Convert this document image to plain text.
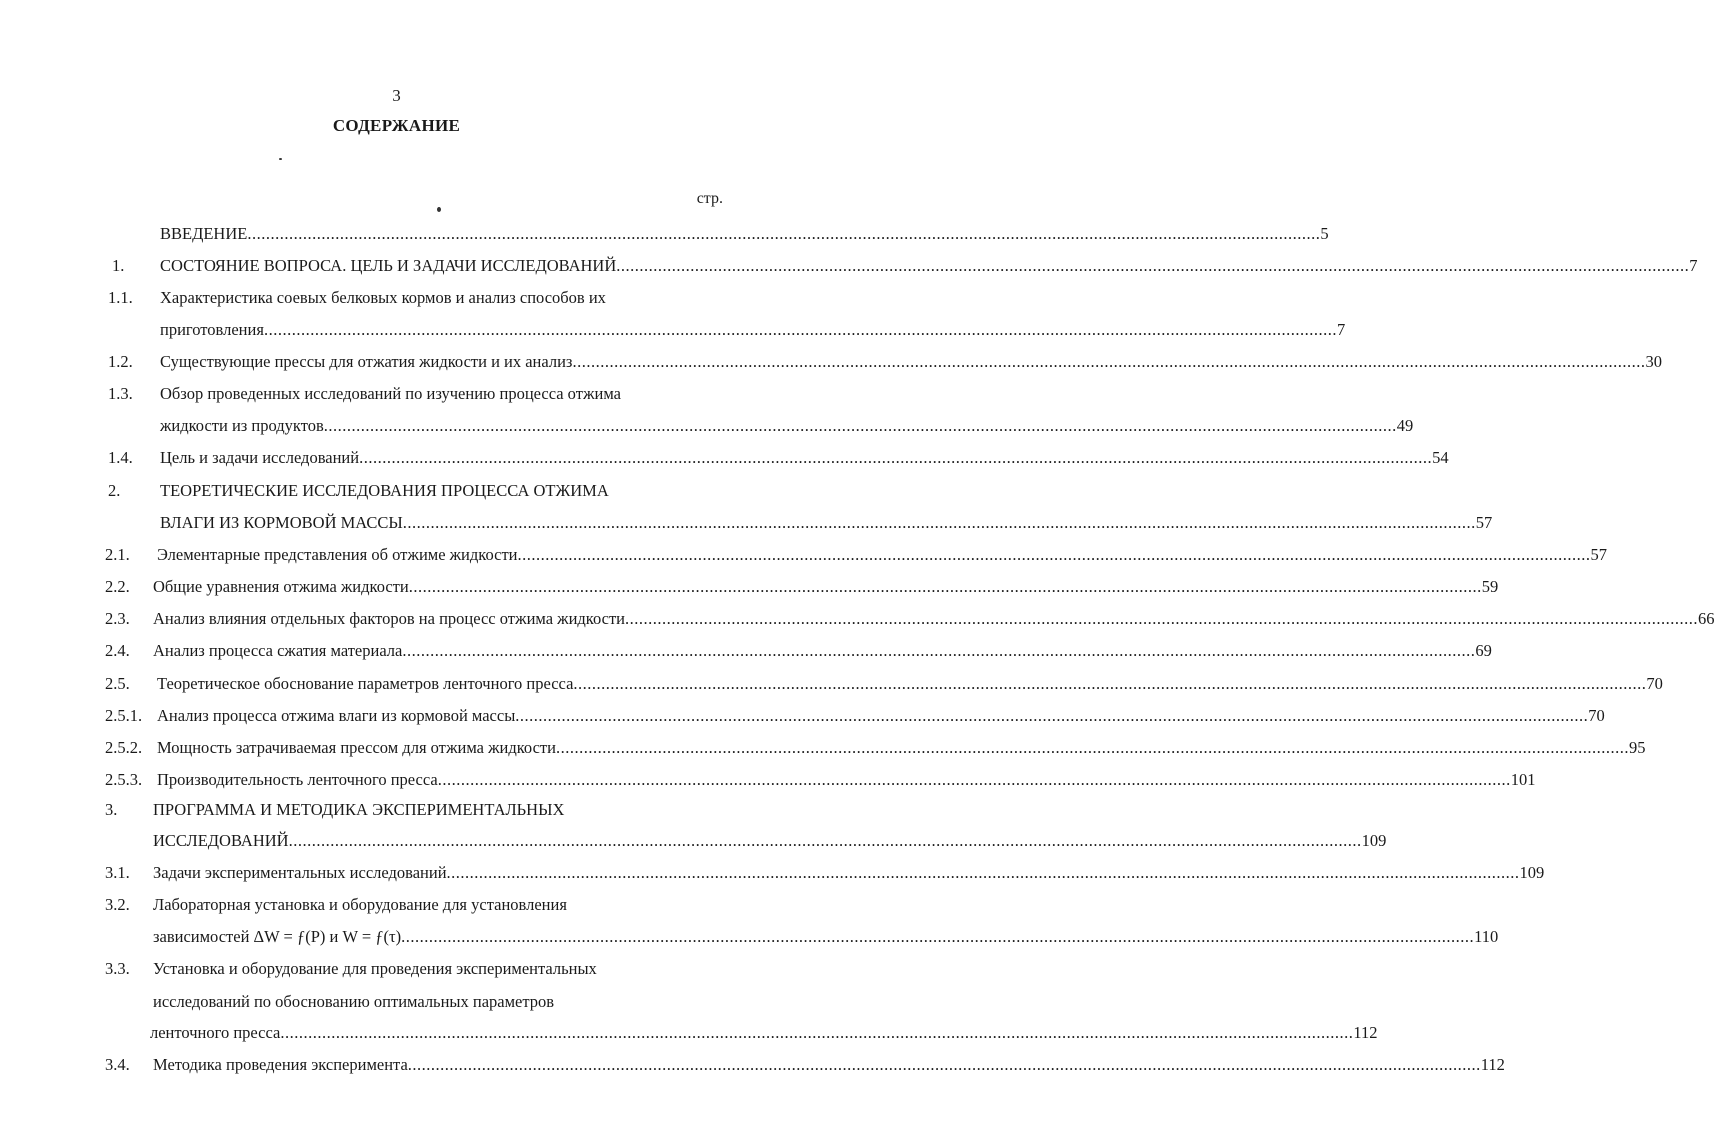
3
СОДЕРЖАНИЕ
стр.
ВВЕДЕНИЕ .....	5
1. СОСТОЯНИЕ ВОПРОСА. ЦЕЛЬ И ЗАДАЧИ ИССЛЕДОВАНИЙ .....	7
1.1. Характеристика соевых белковых кормов и анализ способов их
приготовления .....	7
1.2. Существующие прессы для отжатия жидкости и их анализ .....	30
1.3. Обзор проведенных исследований по изучению процесса отжима
жидкости из продуктов .....	49
1.4. Цель и задачи исследований .....	54
2. ТЕОРЕТИЧЕСКИЕ ИССЛЕДОВАНИЯ ПРОЦЕССА ОТЖИМА
ВЛАГИ ИЗ КОРМОВОЙ МАССЫ .....	57
2.1. Элементарные представления об отжиме жидкости .....	57
2.2. Общие уравнения отжима жидкости .....	59
2.3. Анализ влияния отдельных факторов на процесс отжима жидкости .....	66
2.4. Анализ процесса сжатия материала .....	69
2.5. Теоретическое обоснование параметров ленточного пресса .....	70
2.5.1. Анализ процесса отжима влаги из кормовой массы .....	70
2.5.2. Мощность затрачиваемая прессом для отжима жидкости .....	95
2.5.3. Производительность ленточного пресса .....	101
3. ПРОГРАММА И МЕТОДИКА ЭКСПЕРИМЕНТАЛЬНЫХ
ИССЛЕДОВАНИЙ .....	109
3.1. Задачи экспериментальных исследований .....	109
3.2. Лабораторная установка и оборудование для установления
зависимостей ΔW = ƒ(P) и W = ƒ(τ) .....	110
3.3. Установка и оборудование для проведения экспериментальных
исследований по обоснованию оптимальных параметров
ленточного пресса .....	112
3.4. Методика проведения эксперимента .....	112
